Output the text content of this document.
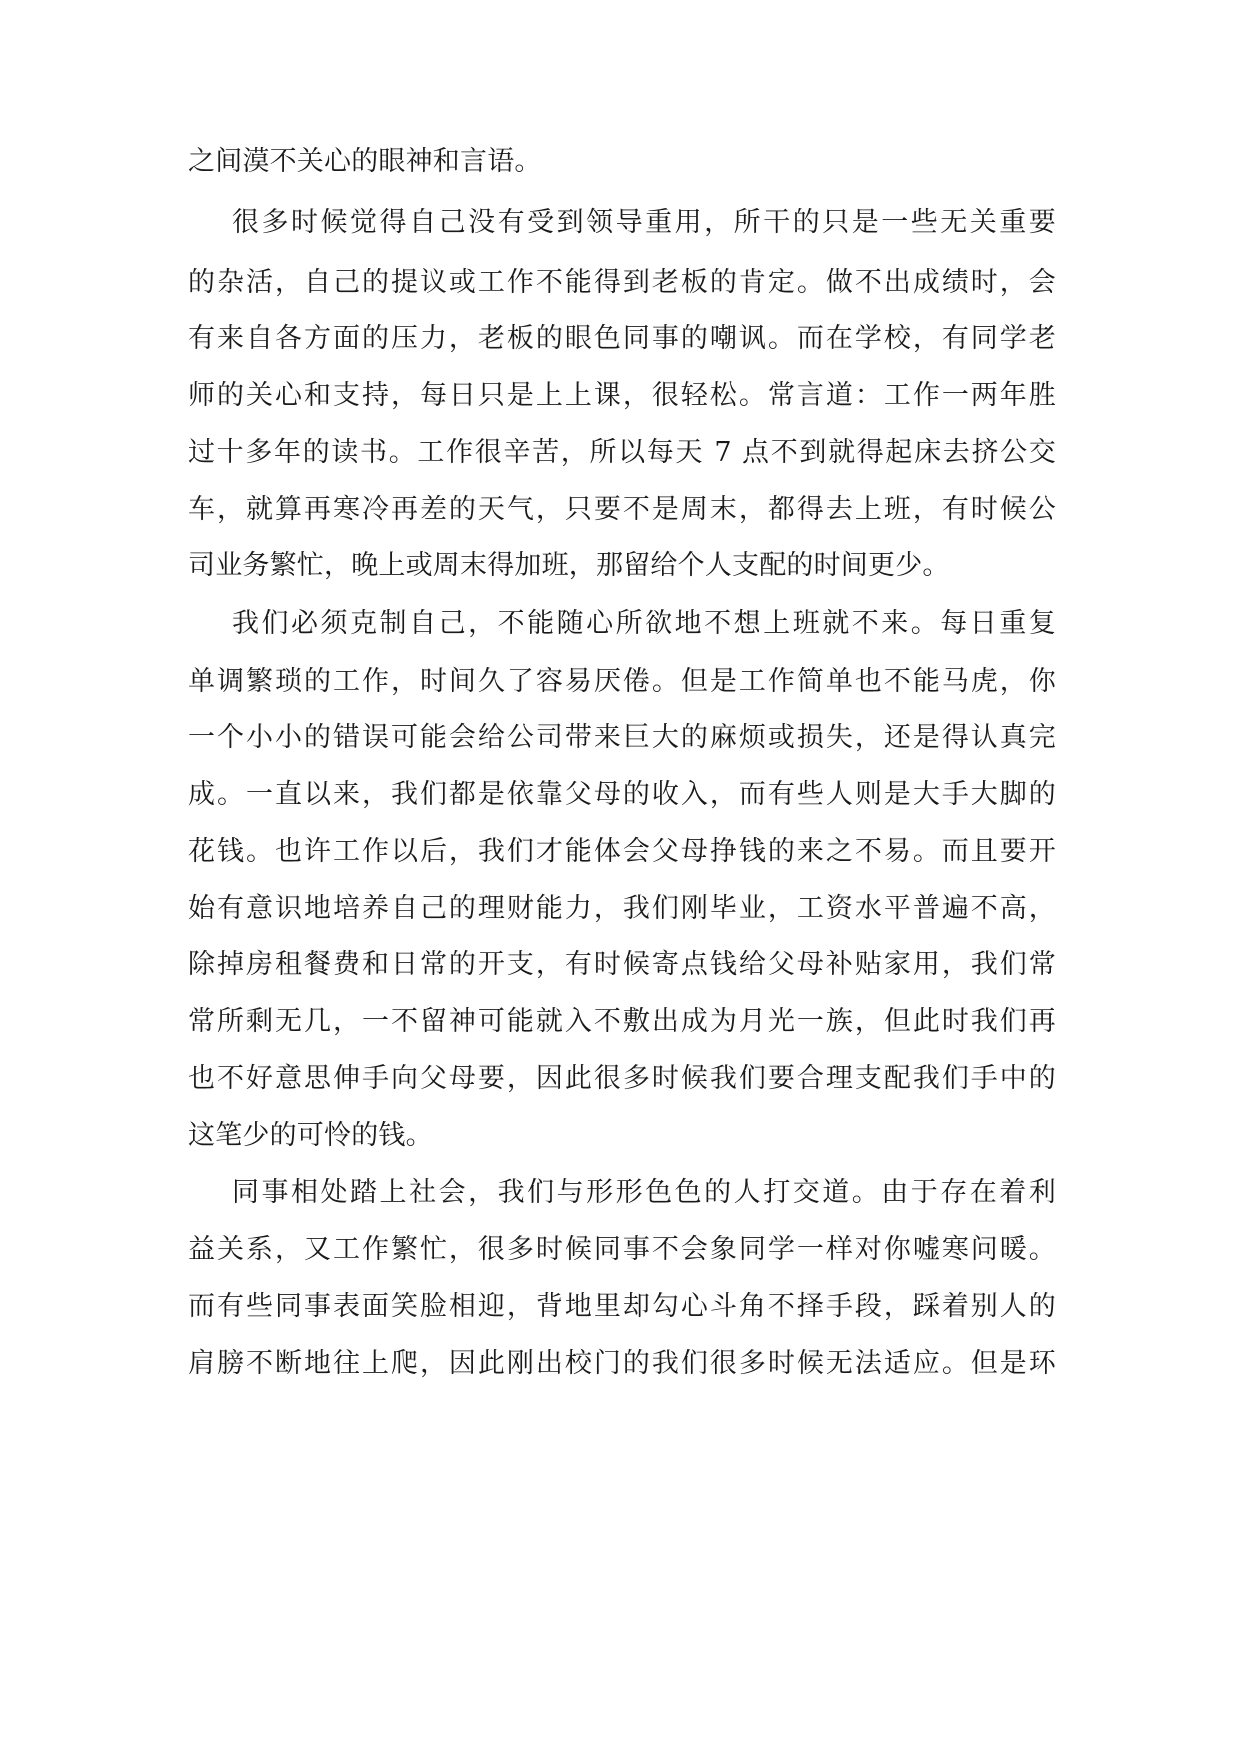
之间漠不关心的眼神和言语。
很多时候觉得自己没有受到领导重用，所干的只是一些无关重要
的杂活，自己的提议或工作不能得到老板的肯定。做不出成绩时，会
有来自各方面的压力，老板的眼色同事的嘲讽。而在学校，有同学老
师的关心和支持，每日只是上上课，很轻松。常言道：工作一两年胜
过十多年的读书。工作很辛苦，所以每天 7 点不到就得起床去挤公交
车，就算再寒冷再差的天气，只要不是周末，都得去上班，有时候公
司业务繁忙，晚上或周末得加班，那留给个人支配的时间更少。
我们必须克制自己，不能随心所欲地不想上班就不来。每日重复
单调繁琐的工作，时间久了容易厌倦。但是工作简单也不能马虎，你
一个小小的错误可能会给公司带来巨大的麻烦或损失，还是得认真完
成。一直以来，我们都是依靠父母的收入，而有些人则是大手大脚的
花钱。也许工作以后，我们才能体会父母挣钱的来之不易。而且要开
始有意识地培养自己的理财能力，我们刚毕业，工资水平普遍不高，
除掉房租餐费和日常的开支，有时候寄点钱给父母补贴家用，我们常
常所剩无几，一不留神可能就入不敷出成为月光一族，但此时我们再
也不好意思伸手向父母要，因此很多时候我们要合理支配我们手中的
这笔少的可怜的钱。
同事相处踏上社会，我们与形形色色的人打交道。由于存在着利
益关系，又工作繁忙，很多时候同事不会象同学一样对你嘘寒问暖。
而有些同事表面笑脸相迎，背地里却勾心斗角不择手段，踩着别人的
肩膀不断地往上爬，因此刚出校门的我们很多时候无法适应。但是环
